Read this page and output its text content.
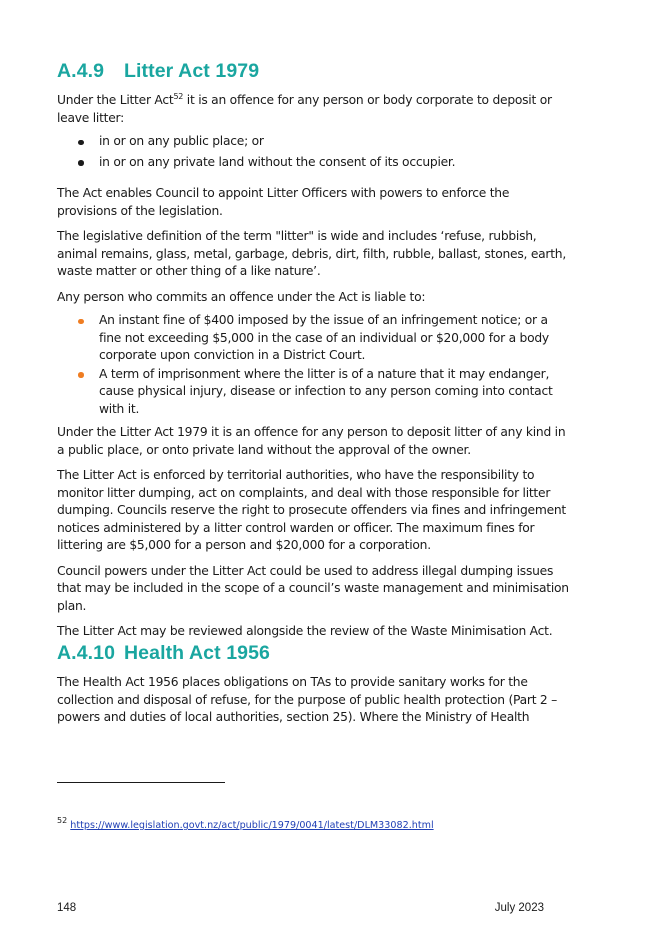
A.4.9 Litter Act 1979

Under the Litter Act$^{52}$ it is an offence for any person or body corporate to deposit or leave litter:

in or on any public place; or
in or on any private land without the consent of its occupier.

The Act enables Council to appoint Litter Officers with powers to enforce the provisions of the legislation.

The legislative definition of the term "litter" is wide and includes ‘refuse, rubbish, animal remains, glass, metal, garbage, debris, dirt, filth, rubble, ballast, stones, earth, waste matter or other thing of a like nature’.

Any person who commits an offence under the Act is liable to:

An instant fine of $400 imposed by the issue of an infringement notice; or a fine not exceeding $5,000 in the case of an individual or $20,000 for a body corporate upon conviction in a District Court.
A term of imprisonment where the litter is of a nature that it may endanger, cause physical injury, disease or infection to any person coming into contact with it.

Under the Litter Act 1979 it is an offence for any person to deposit litter of any kind in a public place, or onto private land without the approval of the owner.

The Litter Act is enforced by territorial authorities, who have the responsibility to monitor litter dumping, act on complaints, and deal with those responsible for litter dumping. Councils reserve the right to prosecute offenders via fines and infringement notices administered by a litter control warden or officer. The maximum fines for littering are $5,000 for a person and $20,000 for a corporation.

Council powers under the Litter Act could be used to address illegal dumping issues that may be included in the scope of a council’s waste management and minimisation plan.

The Litter Act may be reviewed alongside the review of the Waste Minimisation Act.

A.4.10 Health Act 1956

The Health Act 1956 places obligations on TAs to provide sanitary works for the collection and disposal of refuse, for the purpose of public health protection (Part 2 – powers and duties of local authorities, section 25). Where the Ministry of Health

$^{52}$ https://www.legislation.govt.nz/act/public/1979/0041/latest/DLM33082.html
148	July 2023
